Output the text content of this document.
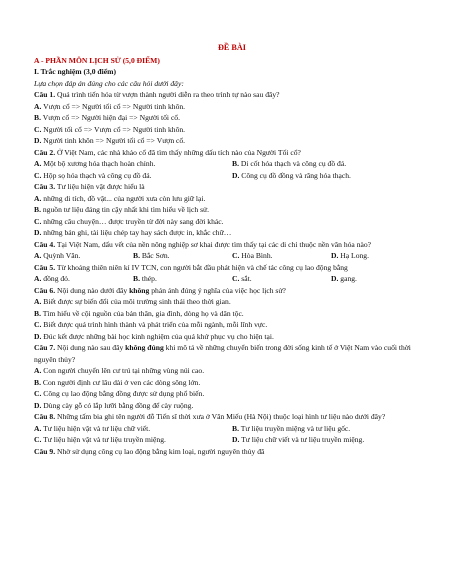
ĐỀ BÀI
A - PHẦN MÔN LỊCH SỬ (5,0 ĐIỂM)
I. Trắc nghiệm (3,0 điểm)
Lựa chọn đáp án đúng cho các câu hỏi dưới đây:
Câu 1. Quá trình tiến hóa từ vượn thành người diễn ra theo trình tự nào sau đây?
A. Vượn cổ => Người tối cổ => Người tinh khôn.
B. Vượn cổ => Người hiện đại => Người tối cổ.
C. Người tối cổ => Vượn cổ => Người tinh khôn.
D. Người tinh khôn => Người tối cổ => Vượn cổ.
Câu 2. Ở Việt Nam, các nhà khảo cổ đã tìm thấy những dấu tích nào của Người Tối cổ?
A. Một bộ xương hóa thạch hoàn chỉnh.	B. Di cốt hóa thạch và công cụ đồ đá.
C. Hộp sọ hóa thạch và công cụ đồ đá.	D. Công cụ đồ đồng và răng hóa thạch.
Câu 3. Tư liệu hiện vật được hiểu là
A. những di tích, đồ vật... của người xưa còn lưu giữ lại.
B. nguồn tư liệu đáng tin cậy nhất khi tìm hiểu về lịch sử.
C. những câu chuyện… được truyền từ đời này sang đời khác.
D. những bản ghi, tài liệu chép tay hay sách được in, khắc chữ…
Câu 4. Tại Việt Nam, dấu vết của nền nông nghiệp sơ khai được tìm thấy tại các di chỉ thuộc nền văn hóa nào?
A. Quỳnh Văn.	B. Bắc Sơn.	C. Hòa Bình.	D. Hạ Long.
Câu 5. Từ khoảng thiên niên kỉ IV TCN, con người bắt đầu phát hiện và chế tác công cụ lao động bằng
A. đồng đỏ.	B. thép.	C. sắt.	D. gang.
Câu 6. Nội dung nào dưới đây không phản ánh đúng ý nghĩa của việc học lịch sử?
A. Biết được sự biến đổi của môi trường sinh thái theo thời gian.
B. Tìm hiểu về cội nguồn của bản thân, gia đình, dòng họ và dân tộc.
C. Biết được quá trình hình thành và phát triển của mỗi ngành, mỗi lĩnh vực.
D. Đúc kết được những bài học kinh nghiệm của quá khứ phục vụ cho hiện tại.
Câu 7. Nội dung nào sau đây không đúng khi mô tả về những chuyển biến trong đời sống kinh tế ở Việt Nam vào cuối thời nguyên thủy?
A. Con người chuyển lên cư trú tại những vùng núi cao.
B. Con người định cư lâu dài ở ven các dòng sông lớn.
C. Công cụ lao động bằng đồng được sử dụng phổ biến.
D. Dùng cày gỗ có lắp lưỡi bằng đồng để cày ruộng.
Câu 8. Những tấm bia ghi tên người đỗ Tiến sĩ thời xưa ở Văn Miếu (Hà Nội) thuộc loại hình tư liệu nào dưới đây?
A. Tư liệu hiện vật và tư liệu chữ viết.	B. Tư liệu truyền miệng và tư liệu gốc.
C. Tư liệu hiện vật và tư liệu truyền miệng.	D. Tư liệu chữ viết và tư liệu truyền miệng.
Câu 9. Nhờ sử dụng công cụ lao động bằng kim loại, người nguyên thủy đã
